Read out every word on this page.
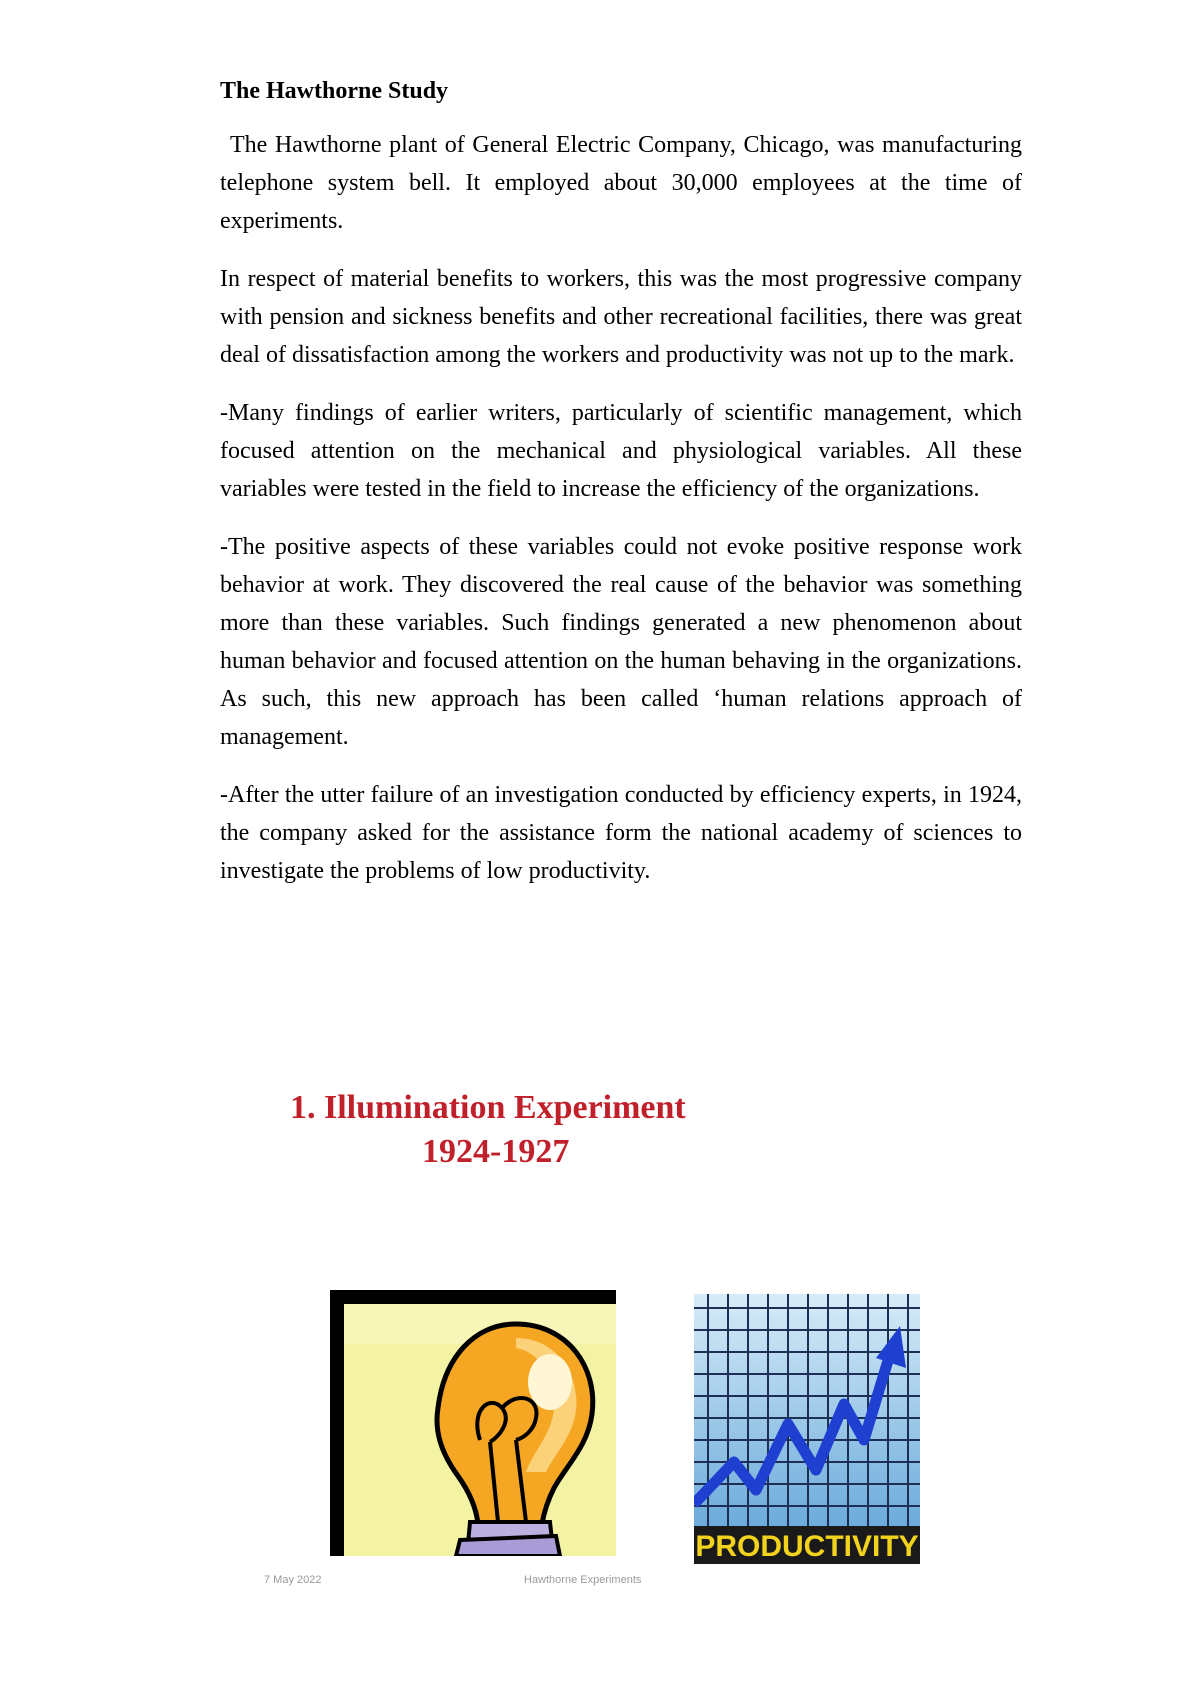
The Hawthorne Study

The Hawthorne plant of General Electric Company, Chicago, was manufacturing telephone system bell. It employed about 30,000 employees at the time of experiments.

In respect of material benefits to workers, this was the most progressive company with pension and sickness benefits and other recreational facilities, there was great deal of dissatisfaction among the workers and productivity was not up to the mark.

-Many findings of earlier writers, particularly of scientific management, which focused attention on the mechanical and physiological variables. All these variables were tested in the field to increase the efficiency of the organizations.

-The positive aspects of these variables could not evoke positive response work behavior at work. They discovered the real cause of the behavior was something more than these variables. Such findings generated a new phenomenon about human behavior and focused attention on the human behaving in the organizations. As such, this new approach has been called ‘human relations approach of management.

-After the utter failure of an investigation conducted by efficiency experts, in 1924, the company asked for the assistance form the national academy of sciences to investigate the problems of low productivity.

1. Illumination Experiment
1924-1927
PRODUCTIVITY
7 May 2022	Hawthorne Experiments
